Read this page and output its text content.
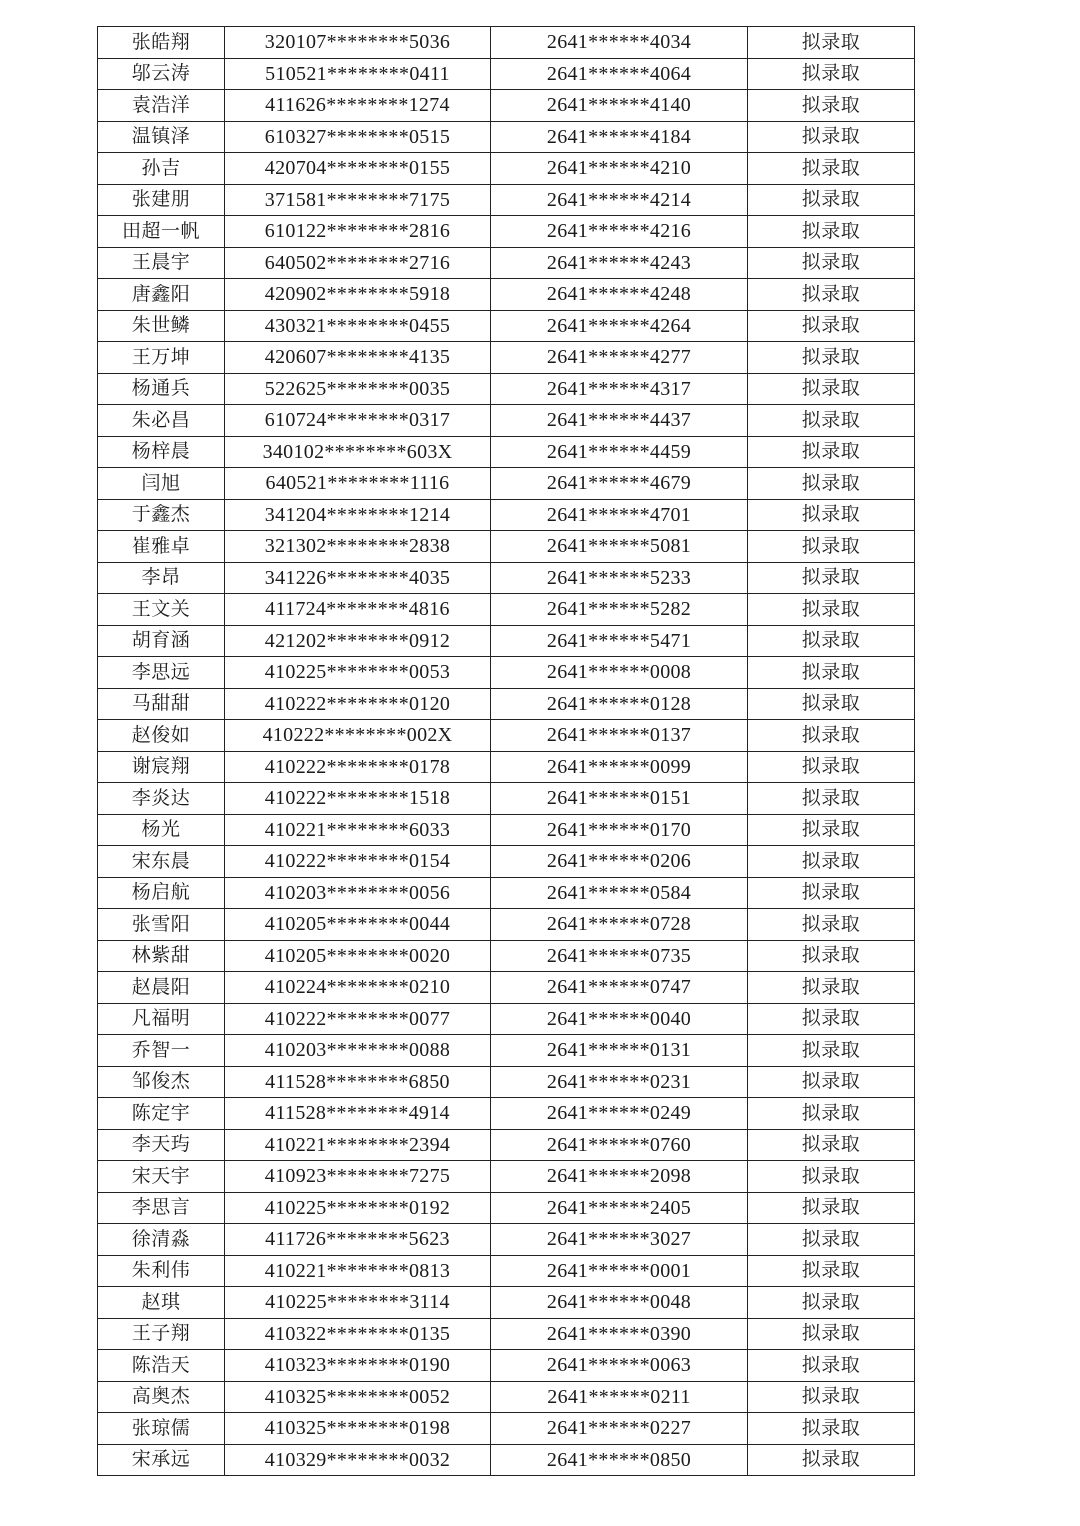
张皓翔	320107********5036	2641******4034	拟录取
邬云涛	510521********0411	2641******4064	拟录取
袁浩洋	411626********1274	2641******4140	拟录取
温镇泽	610327********0515	2641******4184	拟录取
孙吉	420704********0155	2641******4210	拟录取
张建朋	371581********7175	2641******4214	拟录取
田超一帆	610122********2816	2641******4216	拟录取
王晨宇	640502********2716	2641******4243	拟录取
唐鑫阳	420902********5918	2641******4248	拟录取
朱世鳞	430321********0455	2641******4264	拟录取
王万坤	420607********4135	2641******4277	拟录取
杨通兵	522625********0035	2641******4317	拟录取
朱必昌	610724********0317	2641******4437	拟录取
杨梓晨	340102********603X	2641******4459	拟录取
闫旭	640521********1116	2641******4679	拟录取
于鑫杰	341204********1214	2641******4701	拟录取
崔雅卓	321302********2838	2641******5081	拟录取
李昂	341226********4035	2641******5233	拟录取
王文关	411724********4816	2641******5282	拟录取
胡育涵	421202********0912	2641******5471	拟录取
李思远	410225********0053	2641******0008	拟录取
马甜甜	410222********0120	2641******0128	拟录取
赵俊如	410222********002X	2641******0137	拟录取
谢宸翔	410222********0178	2641******0099	拟录取
李炎达	410222********1518	2641******0151	拟录取
杨光	410221********6033	2641******0170	拟录取
宋东晨	410222********0154	2641******0206	拟录取
杨启航	410203********0056	2641******0584	拟录取
张雪阳	410205********0044	2641******0728	拟录取
林紫甜	410205********0020	2641******0735	拟录取
赵晨阳	410224********0210	2641******0747	拟录取
凡福明	410222********0077	2641******0040	拟录取
乔智一	410203********0088	2641******0131	拟录取
邹俊杰	411528********6850	2641******0231	拟录取
陈定宇	411528********4914	2641******0249	拟录取
李天玙	410221********2394	2641******0760	拟录取
宋天宇	410923********7275	2641******2098	拟录取
李思言	410225********0192	2641******2405	拟录取
徐清淼	411726********5623	2641******3027	拟录取
朱利伟	410221********0813	2641******0001	拟录取
赵琪	410225********3114	2641******0048	拟录取
王子翔	410322********0135	2641******0390	拟录取
陈浩天	410323********0190	2641******0063	拟录取
高奥杰	410325********0052	2641******0211	拟录取
张琼儒	410325********0198	2641******0227	拟录取
宋承远	410329********0032	2641******0850	拟录取
